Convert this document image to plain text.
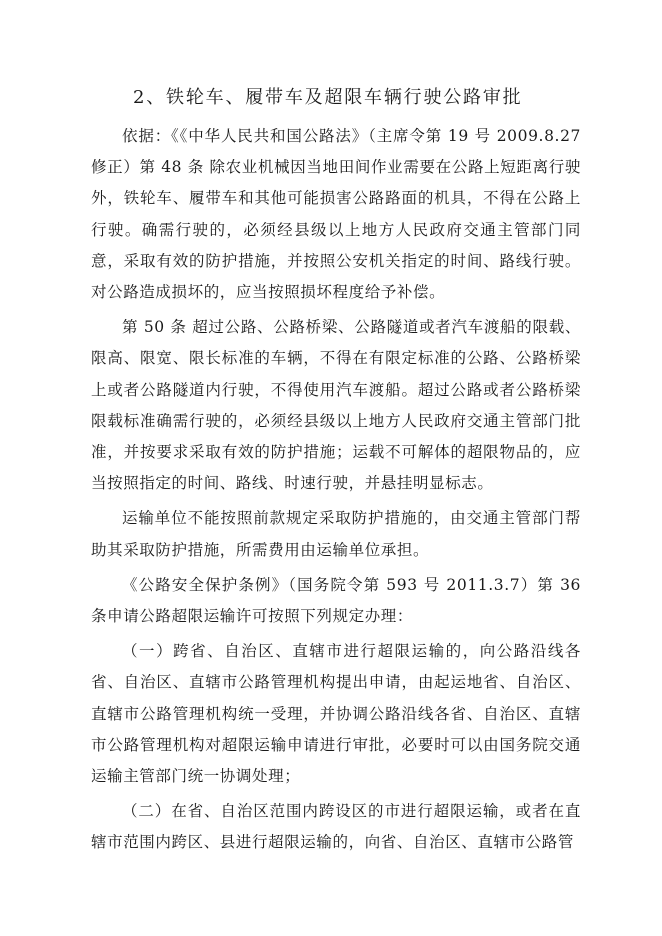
2、铁轮车、履带车及超限车辆行驶公路审批

依据：《《中华人民共和国公路法》（主席令第 19 号 2009.8.27 修正）第 48 条 除农业机械因当地田间作业需要在公路上短距离行驶外，铁轮车、履带车和其他可能损害公路路面的机具，不得在公路上行驶。确需行驶的，必须经县级以上地方人民政府交通主管部门同意，采取有效的防护措施，并按照公安机关指定的时间、路线行驶。对公路造成损坏的，应当按照损坏程度给予补偿。

第 50 条 超过公路、公路桥梁、公路隧道或者汽车渡船的限载、限高、限宽、限长标准的车辆，不得在有限定标准的公路、公路桥梁上或者公路隧道内行驶，不得使用汽车渡船。超过公路或者公路桥梁限载标准确需行驶的，必须经县级以上地方人民政府交通主管部门批准，并按要求采取有效的防护措施；运载不可解体的超限物品的，应当按照指定的时间、路线、时速行驶，并悬挂明显标志。

运输单位不能按照前款规定采取防护措施的，由交通主管部门帮助其采取防护措施，所需费用由运输单位承担。

《公路安全保护条例》（国务院令第 593 号 2011.3.7）第 36 条申请公路超限运输许可按照下列规定办理：

（一）跨省、自治区、直辖市进行超限运输的，向公路沿线各省、自治区、直辖市公路管理机构提出申请，由起运地省、自治区、直辖市公路管理机构统一受理，并协调公路沿线各省、自治区、直辖市公路管理机构对超限运输申请进行审批，必要时可以由国务院交通运输主管部门统一协调处理；

（二）在省、自治区范围内跨设区的市进行超限运输，或者在直辖市范围内跨区、县进行超限运输的，向省、自治区、直辖市公路管
